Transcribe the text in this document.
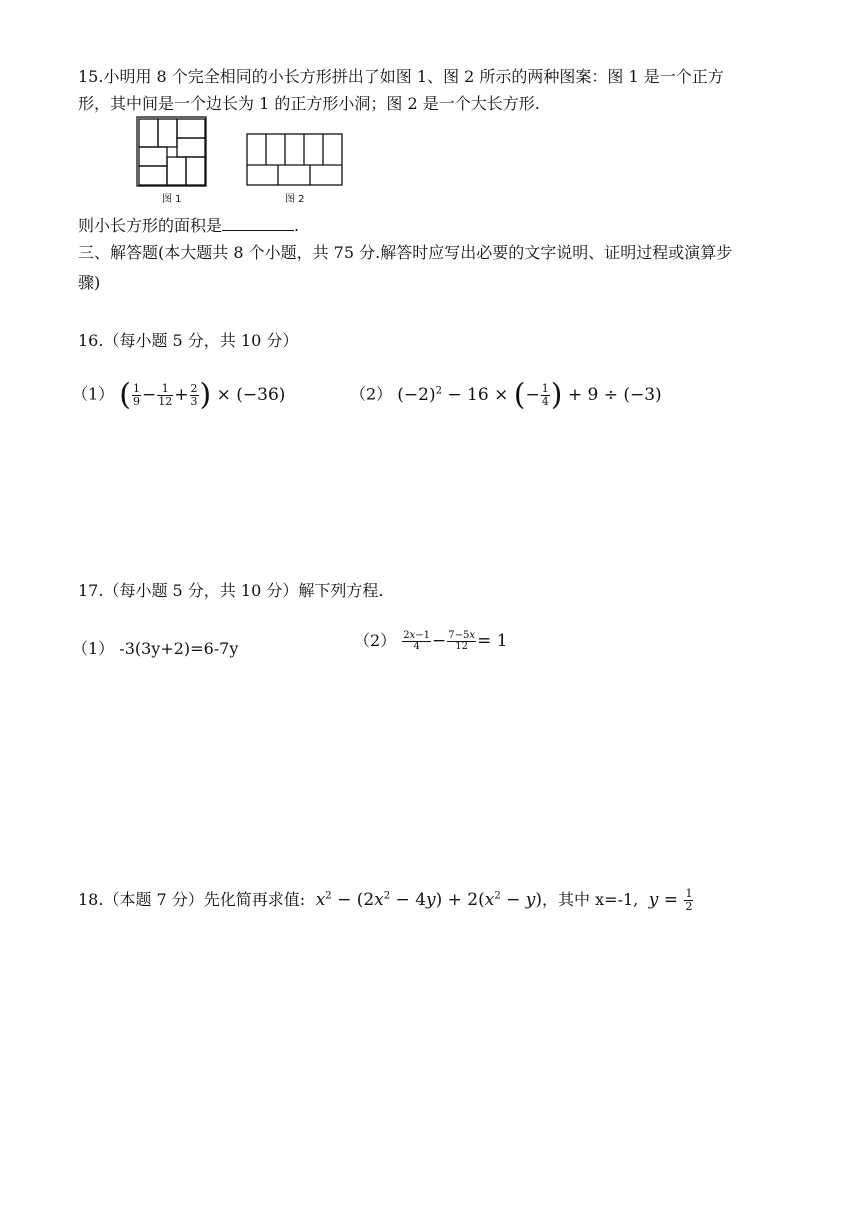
15.小明用 8 个完全相同的小长方形拼出了如图 1、图 2 所示的两种图案：图 1 是一个正方
形，其中间是一个边长为 1 的正方形小洞；图 2 是一个大长方形.
图 1	图 2
则小长方形的面积是	.
三、解答题(本大题共 8 个小题，共 75 分.解答时应写出必要的文字说明、证明过程或演算步
骤)
16.（每小题 5 分，共 10 分）
（1） ( $\frac{1}{9} - \frac{1}{12} + \frac{2}{3}$ ) × (−36)	（2） $(-2)^2 - 16$ × (− $\frac{1}{4}$ ) + 9 ÷ (−3)
17.（每小题 5 分，共 10 分）解下列方程.
（1） -3(3y+2)=6-7y	$(2) \frac{2x-1}{4} - \frac{7-5x}{12} = 1$
18.（本题 7 分）先化简再求值: $x^2 - (2x^2 - 4y) + 2(x^2 - y)$，其中 x=-1, $y = \frac{1}{2}$
